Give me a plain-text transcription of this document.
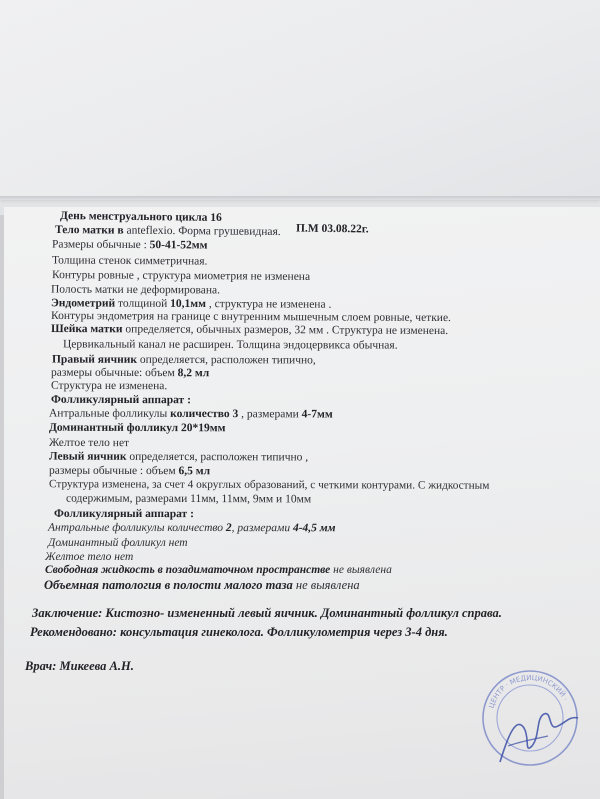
День менструального цикла 16
П.М 03.08.22г.
Тело матки в anteflexio. Форма грушевидная.
Размеры обычные : 50-41-52мм
Толщина стенок симметричная.
Контуры ровные , структура миометрия не изменена
Полость матки не деформирована.
Эндометрий толщиной 10,1мм , структура не изменена .
Контуры эндометрия на границе с внутренним мышечным слоем ровные, четкие.
Шейка матки определяется, обычных размеров, 32 мм . Структура не изменена.
Цервикальный канал не расширен. Толщина эндоцервикса обычная.
Правый яичник определяется, расположен типично,
размеры обычные: объем 8,2 мл
Структура не изменена.
Фолликулярный аппарат :
Антральные фолликулы количество 3 , размерами 4-7мм
Доминантный фолликул 20*19мм
Желтое тело нет
Левый яичник определяется, расположен типично ,
размеры обычные : объем 6,5 мл
Структура изменена, за счет 4 округлых образований, с четкими контурами. С жидкостным
содержимым, размерами 11мм, 11мм, 9мм и 10мм
Фолликулярный аппарат :
Антральные фолликулы количество 2, размерами 4-4,5 мм
Доминантный фолликул нет
Желтое тело нет
Свободная жидкость в позадиматочном пространстве не выявлена
Объемная патология в полости малого таза не выявлена
Заключение: Кистозно- измененный левый яичник. Доминантный фолликул справа.
Рекомендовано: консультация гинеколога. Фолликулометрия через 3-4 дня.
Врач: Микеева А.Н.
ЦЕНТР · МЕДИЦИНСКИЙ ·
